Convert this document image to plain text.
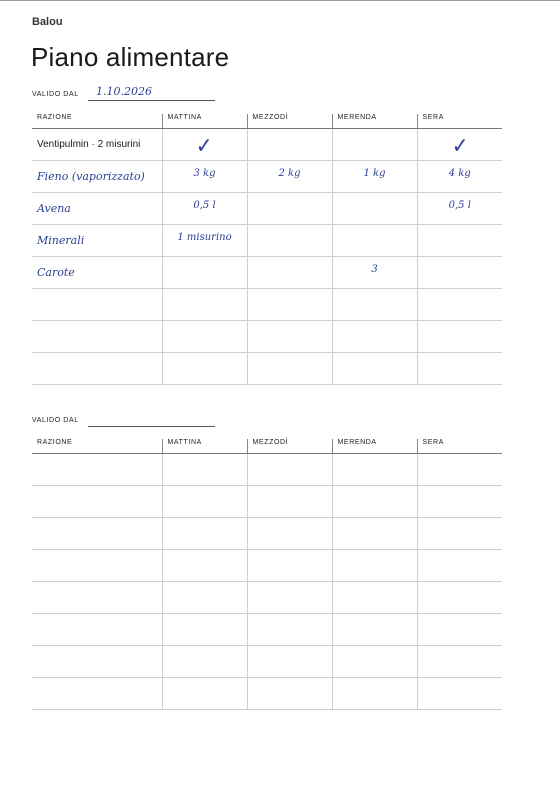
Balou
Piano alimentare
VALIDO DAL 1.10.2026
RAZIONE	MATTINA	MEZZODÌ	MERENDA	SERA
Ventipulmin · 2 misurini	✓			✓
Fieno (vaporizzato)	3 kg	2 kg	1 kg	4 kg
Avena	0,5 l			0,5 l
Minerali	1 misurino			
Carote			3	

VALIDO DAL
RAZIONE	MATTINA	MEZZODÌ	MERENDA	SERA
